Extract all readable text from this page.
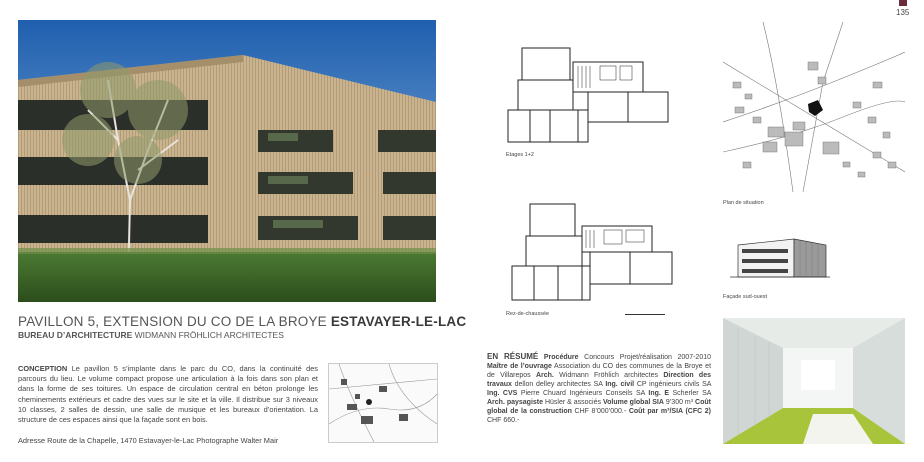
135
PAVILLON 5, EXTENSION DU CO DE LA BROYE ESTAVAYER-LE-LAC
BUREAU D’ARCHITECTURE WIDMANN FRÖHLICH ARCHITECTES
CONCEPTION Le pavillon 5 s’implante dans le parc du CO, dans la continuité des parcours du lieu. Le volume compact propose une articulation à la fois dans son plan et dans la forme de ses toitures. Un espace de circulation central en béton prolonge les cheminements extérieurs et cadre des vues sur le site et la ville. Il distribue sur 3 niveaux 10 classes, 2 salles de dessin, une salle de musique et les bureaux d’orientation. La structure de ces espaces ainsi que la façade sont en bois.
Adresse Route de la Chapelle, 1470 Estavayer-le-Lac Photographe Walter Mair
Etages 1+2
Rez-de-chaussée
Plan de situation
Façade sud-ouest
EN RÉSUMÉ Procédure Concours Projet/réalisation 2007-2010 Maître de l’ouvrage Association du CO des communes de la Broye et de Villarepos Arch. Widmann Fröhlich architectes Direction des travaux dellon delley architectes SA Ing. civil CP ingénieurs civils SA Ing. CVS Pierre Chuard Ingénieurs Conseils SA Ing. E Scherler SA Arch. paysagiste Hüsler & associés Volume global SIA 9’300 m³ Coût global de la construction CHF 8’000’000.- Coût par m³/SIA (CFC 2) CHF 660.-
